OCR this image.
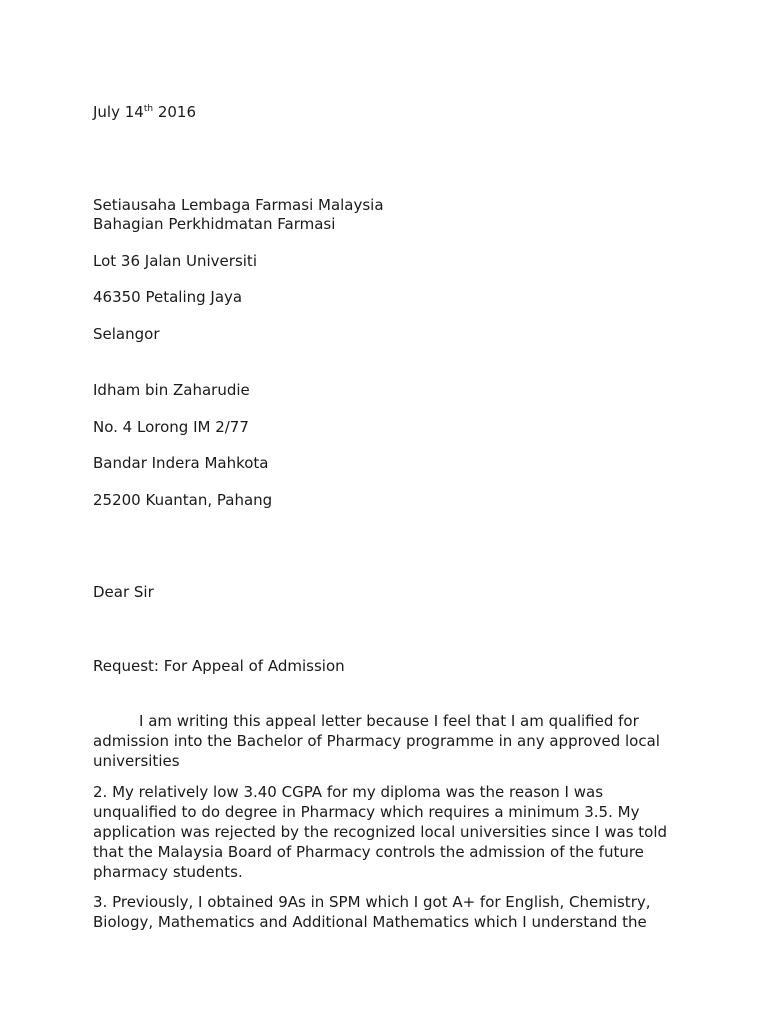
July 14th 2016
Setiausaha Lembaga Farmasi Malaysia
Bahagian Perkhidmatan Farmasi
Lot 36 Jalan Universiti
46350 Petaling Jaya
Selangor
Idham bin Zaharudie
No. 4 Lorong IM 2/77
Bandar Indera Mahkota
25200 Kuantan, Pahang
Dear Sir
Request: For Appeal of Admission
I am writing this appeal letter because I feel that I am qualified for admission into the Bachelor of Pharmacy programme in any approved local universities
2. My relatively low 3.40 CGPA for my diploma was the reason I was unqualified to do degree in Pharmacy which requires a minimum 3.5. My application was rejected by the recognized local universities since I was told that the Malaysia Board of Pharmacy controls the admission of the future pharmacy students.
3. Previously, I obtained 9As in SPM which I got A+ for English, Chemistry, Biology, Mathematics and Additional Mathematics which I understand the
